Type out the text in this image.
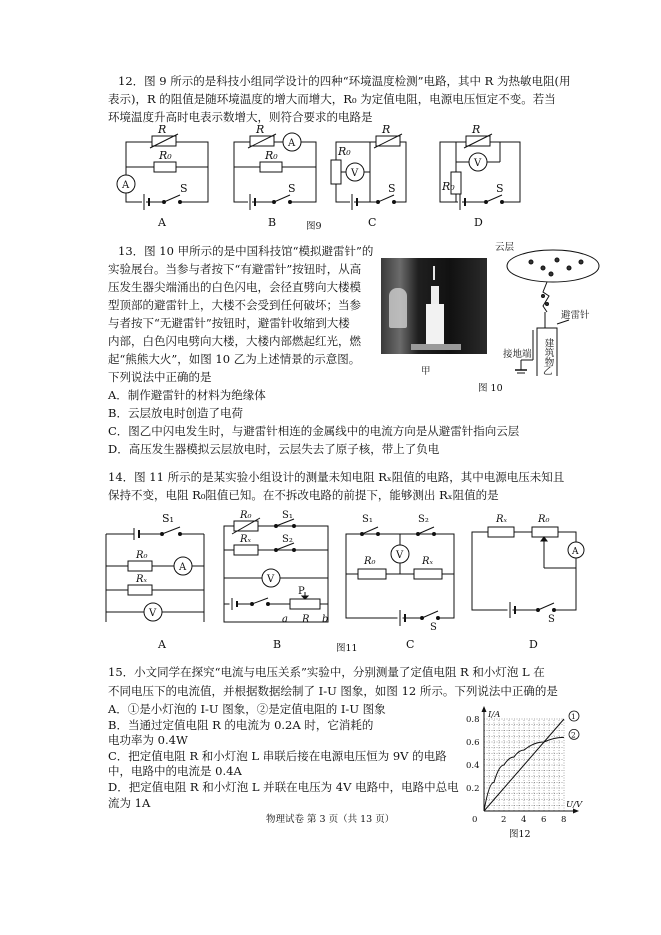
12．图 9 所示的是科技小组同学设计的四种“环境温度检测”电路，其中 R 为热敏电阻(用
表示)，R 的阻值是随环境温度的增大而增大，R₀ 为定值电阻，电源电压恒定不变。若当
环境温度升高时电表示数增大，则符合要求的电路是
R
R₀
A	S
R
A
R₀
S
R₀
R
V
S
R
V
R₀	S
A	B	图9	C	D
13．图 10 甲所示的是中国科技馆“模拟避雷针”的
实验展台。当参与者按下“有避雷针”按钮时，从高
压发生器尖端涌出的白色闪电，会径直劈向大楼模
型顶部的避雷针上，大楼不会受到任何破坏；当参
与者按下“无避雷针”按钮时，避雷针收缩到大楼
内部，白色闪电劈向大楼，大楼内部燃起红光，燃
起“熊熊大火”，如图 10 乙为上述情景的示意图。
下列说法中正确的是
A．制作避雷针的材料为绝缘体
B．云层放电时创造了电荷
C．图乙中闪电发生时，与避雷针相连的金属线中的电流方向是从避雷针指向云层
D．高压发生器模拟云层放电时，云层失去了原子核，带上了负电
甲
云层
避雷针
建筑物
接地端
乙
图 10
14．图 11 所示的是某实验小组设计的测量未知电阻 Rₓ阻值的电路，其中电源电压未知且
保持不变，电阻 R₀阻值已知。在不拆改电路的前提下，能够测出 Rₓ阻值的是
S₁
R₀
A
Rₓ
V
R₀	S₁
Rₓ	S₂
V
P
a R b
S₁	S₂
V
R₀	Rₓ
S
Rₓ	R₀
A
S
A	B	图11	C	D
15．小文同学在探究“电流与电压关系”实验中，分别测量了定值电阻 R 和小灯泡 L 在
不同电压下的电流值，并根据数据绘制了 I-U 图象，如图 12 所示。下列说法中正确的是
A．①是小灯泡的 I-U 图象，②是定值电阻的 I-U 图象
B．当通过定值电阻 R 的电流为 0.2A 时，它消耗的
电功率为 0.4W
C．把定值电阻 R 和小灯泡 L 串联后接在电源电压恒为 9V 的电路
中，电路中的电流是 0.4A
D．把定值电阻 R 和小灯泡 L 并联在电压为 4V 电路中，电路中总电
流为 1A
0	2 4 6 8
0.2
0.4
0.6
0.8
U/V
I/A	1
2
图12
物理试卷 第 3 页（共 13 页）
